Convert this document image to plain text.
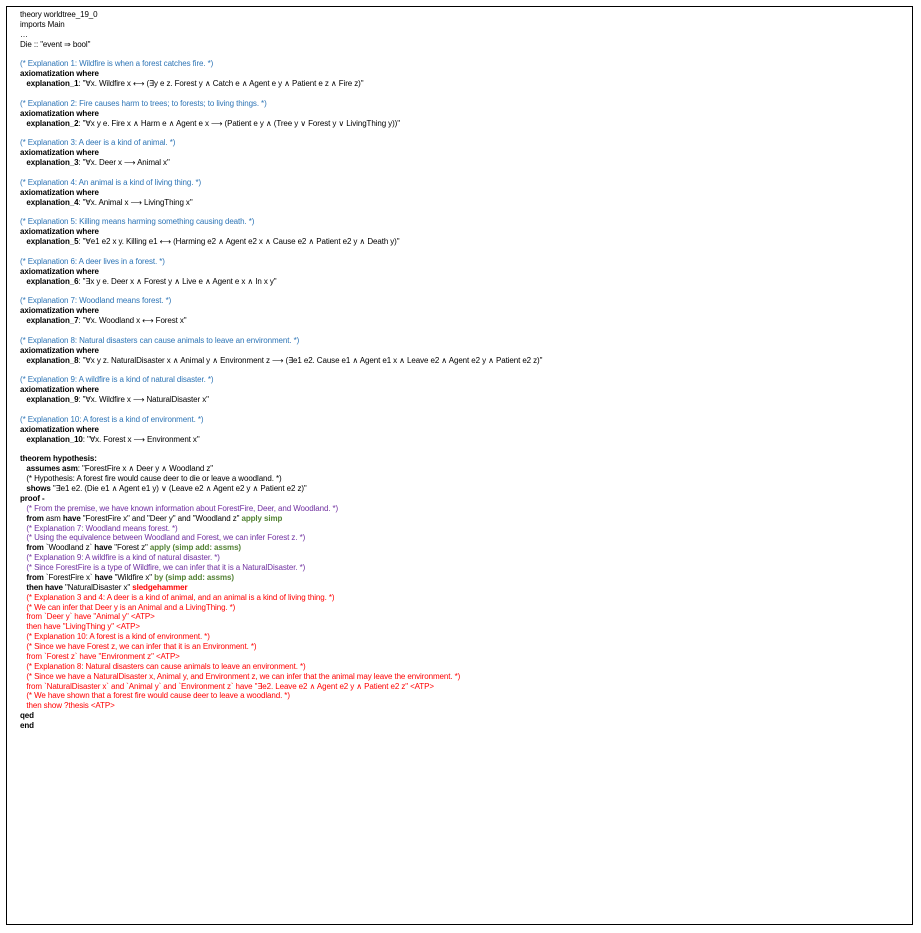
theory worldtree_19_0
imports Main
…
Die :: "event ⇒ bool"
(* Explanation 1: Wildfire is when a forest catches fire. *)
axiomatization where
explanation_1: "∀x. Wildfire x ⟷ (∃y e z. Forest y ∧ Catch e ∧ Agent e y ∧ Patient e z ∧ Fire z)"
(* Explanation 2: Fire causes harm to trees; to forests; to living things. *)
axiomatization where
explanation_2: "∀x y e. Fire x ∧ Harm e ∧ Agent e x ⟶ (Patient e y ∧ (Tree y ∨ Forest y ∨ LivingThing y))"
(* Explanation 3: A deer is a kind of animal. *)
axiomatization where
explanation_3: "∀x. Deer x ⟶ Animal x"
(* Explanation 4: An animal is a kind of living thing. *)
axiomatization where
explanation_4: "∀x. Animal x ⟶ LivingThing x"
(* Explanation 5: Killing means harming something causing death. *)
axiomatization where
explanation_5: "∀e1 e2 x y. Killing e1 ⟷ (Harming e2 ∧ Agent e2 x ∧ Cause e2 ∧ Patient e2 y ∧ Death y)"
(* Explanation 6: A deer lives in a forest. *)
axiomatization where
explanation_6: "∃x y e. Deer x ∧ Forest y ∧ Live e ∧ Agent e x ∧ In x y"
(* Explanation 7: Woodland means forest. *)
axiomatization where
explanation_7: "∀x. Woodland x ⟷ Forest x"
(* Explanation 8: Natural disasters can cause animals to leave an environment. *)
axiomatization where
explanation_8: "∀x y z. NaturalDisaster x ∧ Animal y ∧ Environment z ⟶ (∃e1 e2. Cause e1 ∧ Agent e1 x ∧ Leave e2 ∧ Agent e2 y ∧ Patient e2 z)"
(* Explanation 9: A wildfire is a kind of natural disaster. *)
axiomatization where
explanation_9: "∀x. Wildfire x ⟶ NaturalDisaster x"
(* Explanation 10: A forest is a kind of environment. *)
axiomatization where
explanation_10: "∀x. Forest x ⟶ Environment x"
theorem hypothesis:
assumes asm: "ForestFire x ∧ Deer y ∧ Woodland z"
(* Hypothesis: A forest fire would cause deer to die or leave a woodland. *)
shows "∃e1 e2. (Die e1 ∧ Agent e1 y) ∨ (Leave e2 ∧ Agent e2 y ∧ Patient e2 z)"
proof -
(* From the premise, we have known information about ForestFire, Deer, and Woodland. *)
from asm have "ForestFire x" and "Deer y" and "Woodland z" apply simp
(* Explanation 7: Woodland means forest. *)
(* Using the equivalence between Woodland and Forest, we can infer Forest z. *)
from `Woodland z` have "Forest z" apply (simp add: assms)
(* Explanation 9: A wildfire is a kind of natural disaster. *)
(* Since ForestFire is a type of Wildfire, we can infer that it is a NaturalDisaster. *)
from `ForestFire x` have "Wildfire x" by (simp add: assms)
then have "NaturalDisaster x" sledgehammer
(* Explanation 3 and 4: A deer is a kind of animal, and an animal is a kind of living thing. *)
(* We can infer that Deer y is an Animal and a LivingThing. *)
from `Deer y` have "Animal y" <ATP>
then have "LivingThing y" <ATP>
(* Explanation 10: A forest is a kind of environment. *)
(* Since we have Forest z, we can infer that it is an Environment. *)
from `Forest z` have "Environment z" <ATP>
(* Explanation 8: Natural disasters can cause animals to leave an environment. *)
(* Since we have a NaturalDisaster x, Animal y, and Environment z, we can infer that the animal may leave the environment. *)
from `NaturalDisaster x` and `Animal y` and `Environment z` have "∃e2. Leave e2 ∧ Agent e2 y ∧ Patient e2 z" <ATP>
(* We have shown that a forest fire would cause deer to leave a woodland. *)
then show ?thesis <ATP>
qed
end
